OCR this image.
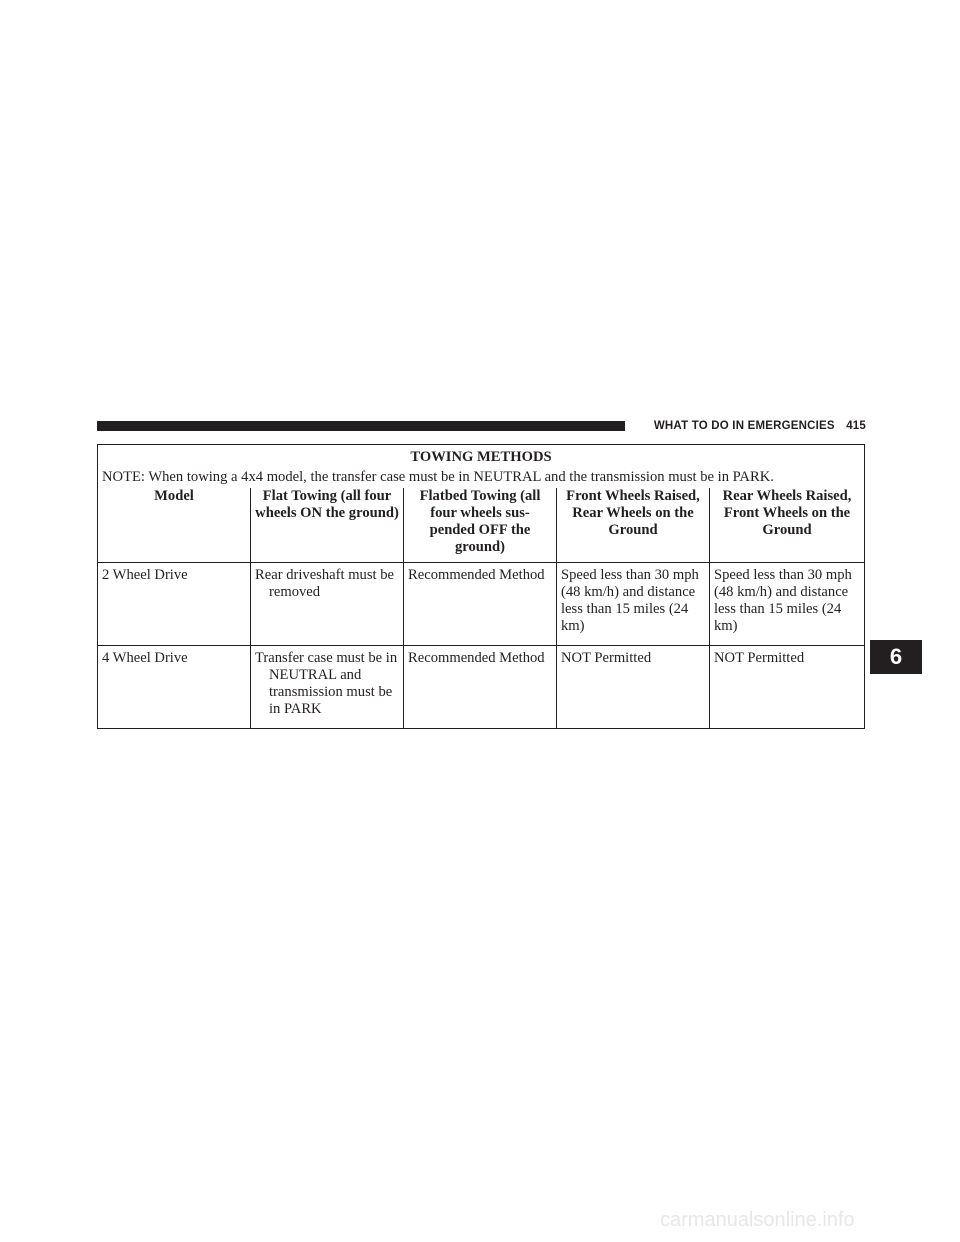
WHAT TO DO IN EMERGENCIES 415
6
TOWING METHODS				
NOTE: When towing a 4x4 model, the transfer case must be in NEUTRAL and the transmission must be in PARK.				
Model	Flat Towing (all four wheels ON the ground)	Flatbed Towing (all four wheels sus- pended OFF the ground)	Front Wheels Raised, Rear Wheels on the Ground	Rear Wheels Raised, Front Wheels on the Ground
2 Wheel Drive	Rear driveshaft must be removed	Recommended Method	Speed less than 30 mph (48 km/h) and distance less than 15 miles (24 km)	Speed less than 30 mph (48 km/h) and distance less than 15 miles (24 km)
4 Wheel Drive	Transfer case must be in NEUTRAL and transmission must be in PARK	Recommended Method	NOT Permitted	NOT Permitted
carmanualsonline.info
